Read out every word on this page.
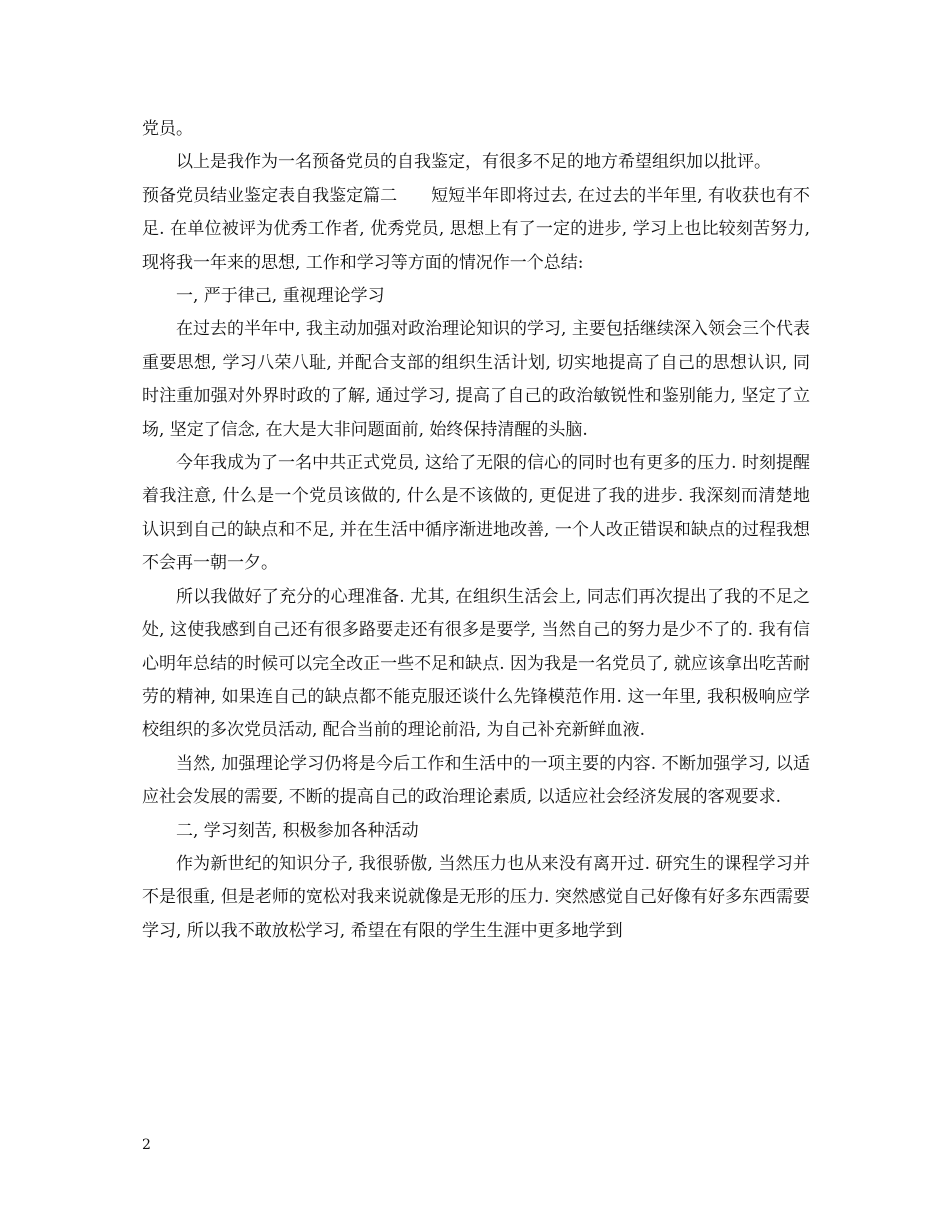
党员。

以上是我作为一名预备党员的自我鉴定，有很多不足的地方希望组织加以批评。

预备党员结业鉴定表自我鉴定篇二 短短半年即将过去, 在过去的半年里, 有收获也有不足. 在单位被评为优秀工作者, 优秀党员, 思想上有了一定的进步, 学习上也比较刻苦努力, 现将我一年来的思想, 工作和学习等方面的情况作一个总结:

一, 严于律己, 重视理论学习

在过去的半年中, 我主动加强对政治理论知识的学习, 主要包括继续深入领会三个代表重要思想, 学习八荣八耻, 并配合支部的组织生活计划, 切实地提高了自己的思想认识, 同时注重加强对外界时政的了解, 通过学习, 提高了自己的政治敏锐性和鉴别能力, 坚定了立场, 坚定了信念, 在大是大非问题面前, 始终保持清醒的头脑.

今年我成为了一名中共正式党员, 这给了无限的信心的同时也有更多的压力. 时刻提醒着我注意, 什么是一个党员该做的, 什么是不该做的, 更促进了我的进步. 我深刻而清楚地认识到自己的缺点和不足, 并在生活中循序渐进地改善, 一个人改正错误和缺点的过程我想不会再一朝一夕。

所以我做好了充分的心理准备. 尤其, 在组织生活会上, 同志们再次提出了我的不足之处, 这使我感到自己还有很多路要走还有很多是要学, 当然自己的努力是少不了的. 我有信心明年总结的时候可以完全改正一些不足和缺点. 因为我是一名党员了, 就应该拿出吃苦耐劳的精神, 如果连自己的缺点都不能克服还谈什么先锋模范作用. 这一年里, 我积极响应学校组织的多次党员活动, 配合当前的理论前沿, 为自己补充新鲜血液.

当然, 加强理论学习仍将是今后工作和生活中的一项主要的内容. 不断加强学习, 以适应社会发展的需要, 不断的提高自己的政治理论素质, 以适应社会经济发展的客观要求.

二, 学习刻苦, 积极参加各种活动

作为新世纪的知识分子, 我很骄傲, 当然压力也从来没有离开过. 研究生的课程学习并不是很重, 但是老师的宽松对我来说就像是无形的压力. 突然感觉自己好像有好多东西需要学习, 所以我不敢放松学习, 希望在有限的学生生涯中更多地学到

2
